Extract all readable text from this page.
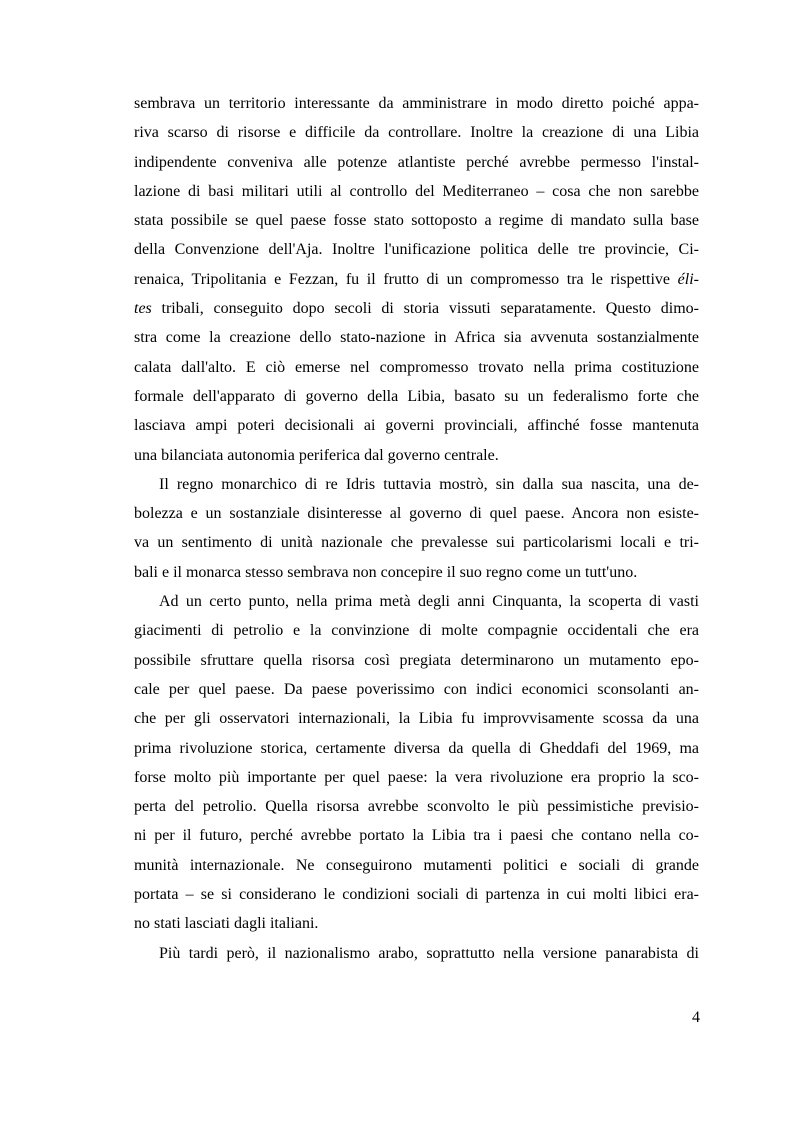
sembrava un territorio interessante da amministrare in modo diretto poiché appa-
riva scarso di risorse e difficile da controllare. Inoltre la creazione di una Libia
indipendente conveniva alle potenze atlantiste perché avrebbe permesso l'instal-
lazione di basi militari utili al controllo del Mediterraneo – cosa che non sarebbe
stata possibile se quel paese fosse stato sottoposto a regime di mandato sulla base
della Convenzione dell'Aja. Inoltre l'unificazione politica delle tre provincie, Ci-
renaica, Tripolitania e Fezzan, fu il frutto di un compromesso tra le rispettive éli-
tes tribali, conseguito dopo secoli di storia vissuti separatamente. Questo dimo-
stra come la creazione dello stato-nazione in Africa sia avvenuta sostanzialmente
calata dall'alto. E ciò emerse nel compromesso trovato nella prima costituzione
formale dell'apparato di governo della Libia, basato su un federalismo forte che
lasciava ampi poteri decisionali ai governi provinciali, affinché fosse mantenuta
una bilanciata autonomia periferica dal governo centrale.
Il regno monarchico di re Idris tuttavia mostrò, sin dalla sua nascita, una de-
bolezza e un sostanziale disinteresse al governo di quel paese. Ancora non esiste-
va un sentimento di unità nazionale che prevalesse sui particolarismi locali e tri-
bali e il monarca stesso sembrava non concepire il suo regno come un tutt'uno.
Ad un certo punto, nella prima metà degli anni Cinquanta, la scoperta di vasti
giacimenti di petrolio e la convinzione di molte compagnie occidentali che era
possibile sfruttare quella risorsa così pregiata determinarono un mutamento epo-
cale per quel paese. Da paese poverissimo con indici economici sconsolanti an-
che per gli osservatori internazionali, la Libia fu improvvisamente scossa da una
prima rivoluzione storica, certamente diversa da quella di Gheddafi del 1969, ma
forse molto più importante per quel paese: la vera rivoluzione era proprio la sco-
perta del petrolio. Quella risorsa avrebbe sconvolto le più pessimistiche previsio-
ni per il futuro, perché avrebbe portato la Libia tra i paesi che contano nella co-
munità internazionale. Ne conseguirono mutamenti politici e sociali di grande
portata – se si considerano le condizioni sociali di partenza in cui molti libici era-
no stati lasciati dagli italiani.
Più tardi però, il nazionalismo arabo, soprattutto nella versione panarabista di
4
